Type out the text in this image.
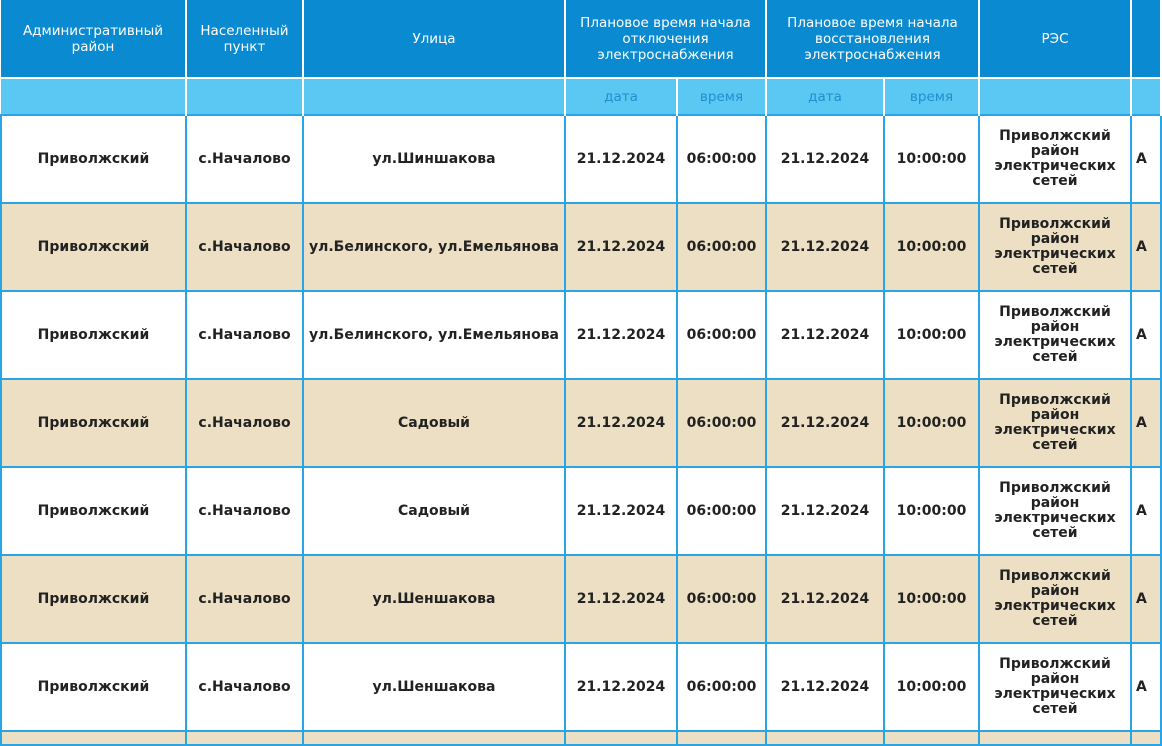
Административный район	Населенный пункт	Улица	Плановое время начала отключения электроснабжения		Плановое время начала восстановления электроснабжения		РЭС	
			дата	время	дата	время		
Приволжский	с.Началово	ул.Шиншакова	21.12.2024	06:00:00	21.12.2024	10:00:00	Приволжский район электрических сетей	А
Приволжский	с.Началово	ул.Белинского, ул.Емельянова	21.12.2024	06:00:00	21.12.2024	10:00:00	Приволжский район электрических сетей	А
Приволжский	с.Началово	ул.Белинского, ул.Емельянова	21.12.2024	06:00:00	21.12.2024	10:00:00	Приволжский район электрических сетей	А
Приволжский	с.Началово	Садовый	21.12.2024	06:00:00	21.12.2024	10:00:00	Приволжский район электрических сетей	А
Приволжский	с.Началово	Садовый	21.12.2024	06:00:00	21.12.2024	10:00:00	Приволжский район электрических сетей	А
Приволжский	с.Началово	ул.Шеншакова	21.12.2024	06:00:00	21.12.2024	10:00:00	Приволжский район электрических сетей	А
Приволжский	с.Началово	ул.Шеншакова	21.12.2024	06:00:00	21.12.2024	10:00:00	Приволжский район электрических сетей	А
